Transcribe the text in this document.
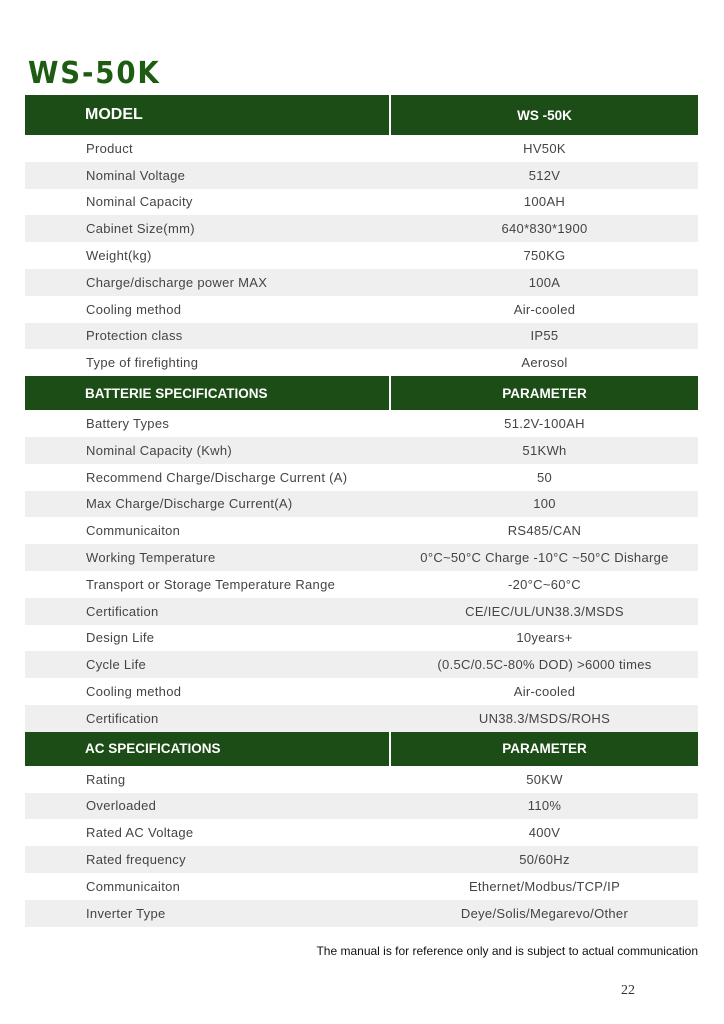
WS-50K
MODEL	WS -50K
Product	HV50K
Nominal Voltage	512V
Nominal Capacity	100AH
Cabinet Size(mm)	640*830*1900
Weight(kg)	750KG
Charge/discharge power MAX	100A
Cooling method	Air-cooled
Protection class	IP55
Type of firefighting	Aerosol
BATTERIE SPECIFICATIONS	PARAMETER
Battery Types	51.2V-100AH
Nominal Capacity (Kwh)	51KWh
Recommend Charge/Discharge Current (A)	50
Max Charge/Discharge Current(A)	100
Communicaiton	RS485/CAN
Working Temperature	0°C~50°C Charge -10°C ~50°C Disharge
Transport or Storage Temperature Range	-20°C~60°C
Certification	CE/IEC/UL/UN38.3/MSDS
Design Life	10years+
Cycle Life	(0.5C/0.5C-80% DOD) >6000 times
Cooling method	Air-cooled
Certification	UN38.3/MSDS/ROHS
AC SPECIFICATIONS	PARAMETER
Rating	50KW
Overloaded	110%
Rated AC Voltage	400V
Rated frequency	50/60Hz
Communicaiton	Ethernet/Modbus/TCP/IP
Inverter Type	Deye/Solis/Megarevo/Other
The manual is for reference only and is subject to actual communication
22
